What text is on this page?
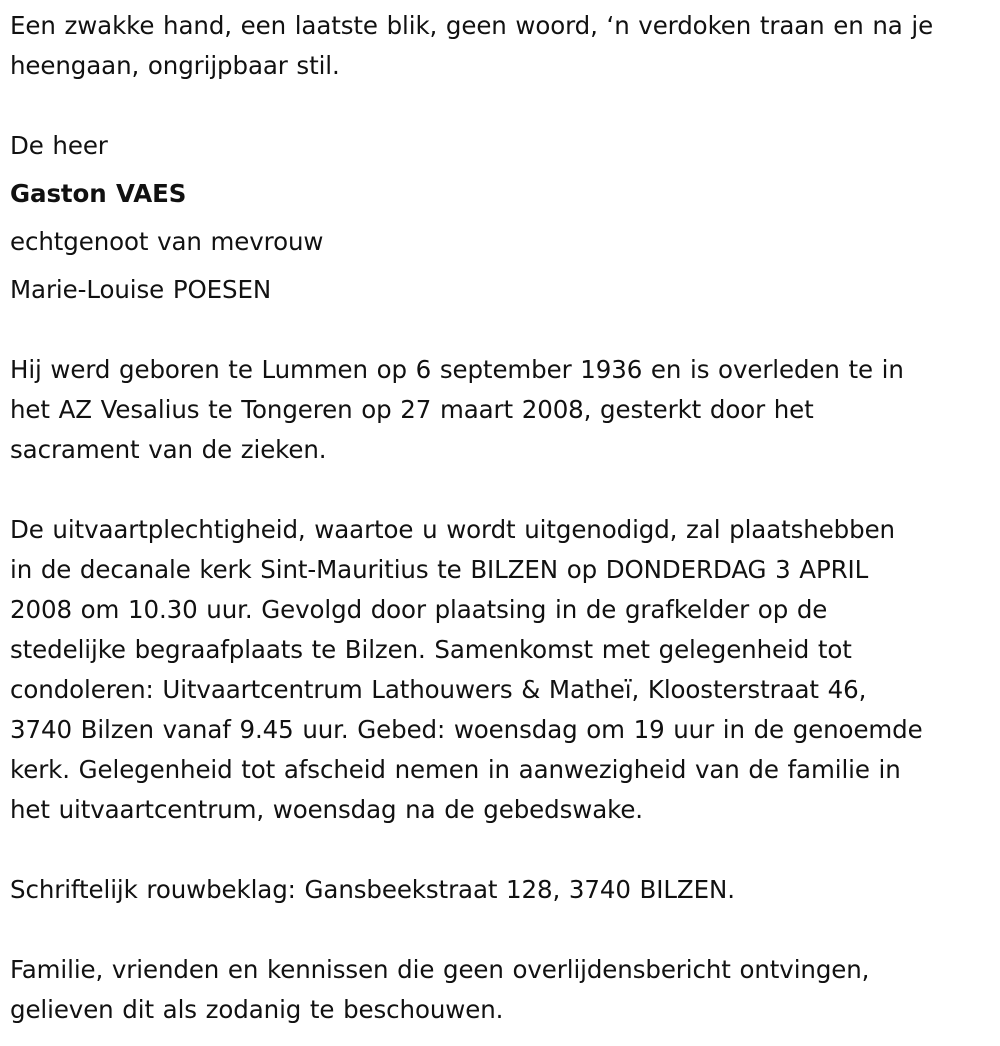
Een zwakke hand, een laatste blik, geen woord, ‘n verdoken traan en na je
heengaan, ongrijpbaar stil.
De heer
Gaston VAES
echtgenoot van mevrouw
Marie-Louise POESEN
Hij werd geboren te Lummen op 6 september 1936 en is overleden te in
het AZ Vesalius te Tongeren op 27 maart 2008, gesterkt door het
sacrament van de zieken.
De uitvaartplechtigheid, waartoe u wordt uitgenodigd, zal plaatshebben
in de decanale kerk Sint-Mauritius te BILZEN op DONDERDAG 3 APRIL
2008 om 10.30 uur. Gevolgd door plaatsing in de grafkelder op de
stedelijke begraafplaats te Bilzen. Samenkomst met gelegenheid tot
condoleren: Uitvaartcentrum Lathouwers & Matheï, Kloosterstraat 46,
3740 Bilzen vanaf 9.45 uur. Gebed: woensdag om 19 uur in de genoemde
kerk. Gelegenheid tot afscheid nemen in aanwezigheid van de familie in
het uitvaartcentrum, woensdag na de gebedswake.
Schriftelijk rouwbeklag: Gansbeekstraat 128, 3740 BILZEN.
Familie, vrienden en kennissen die geen overlijdensbericht ontvingen,
gelieven dit als zodanig te beschouwen.
